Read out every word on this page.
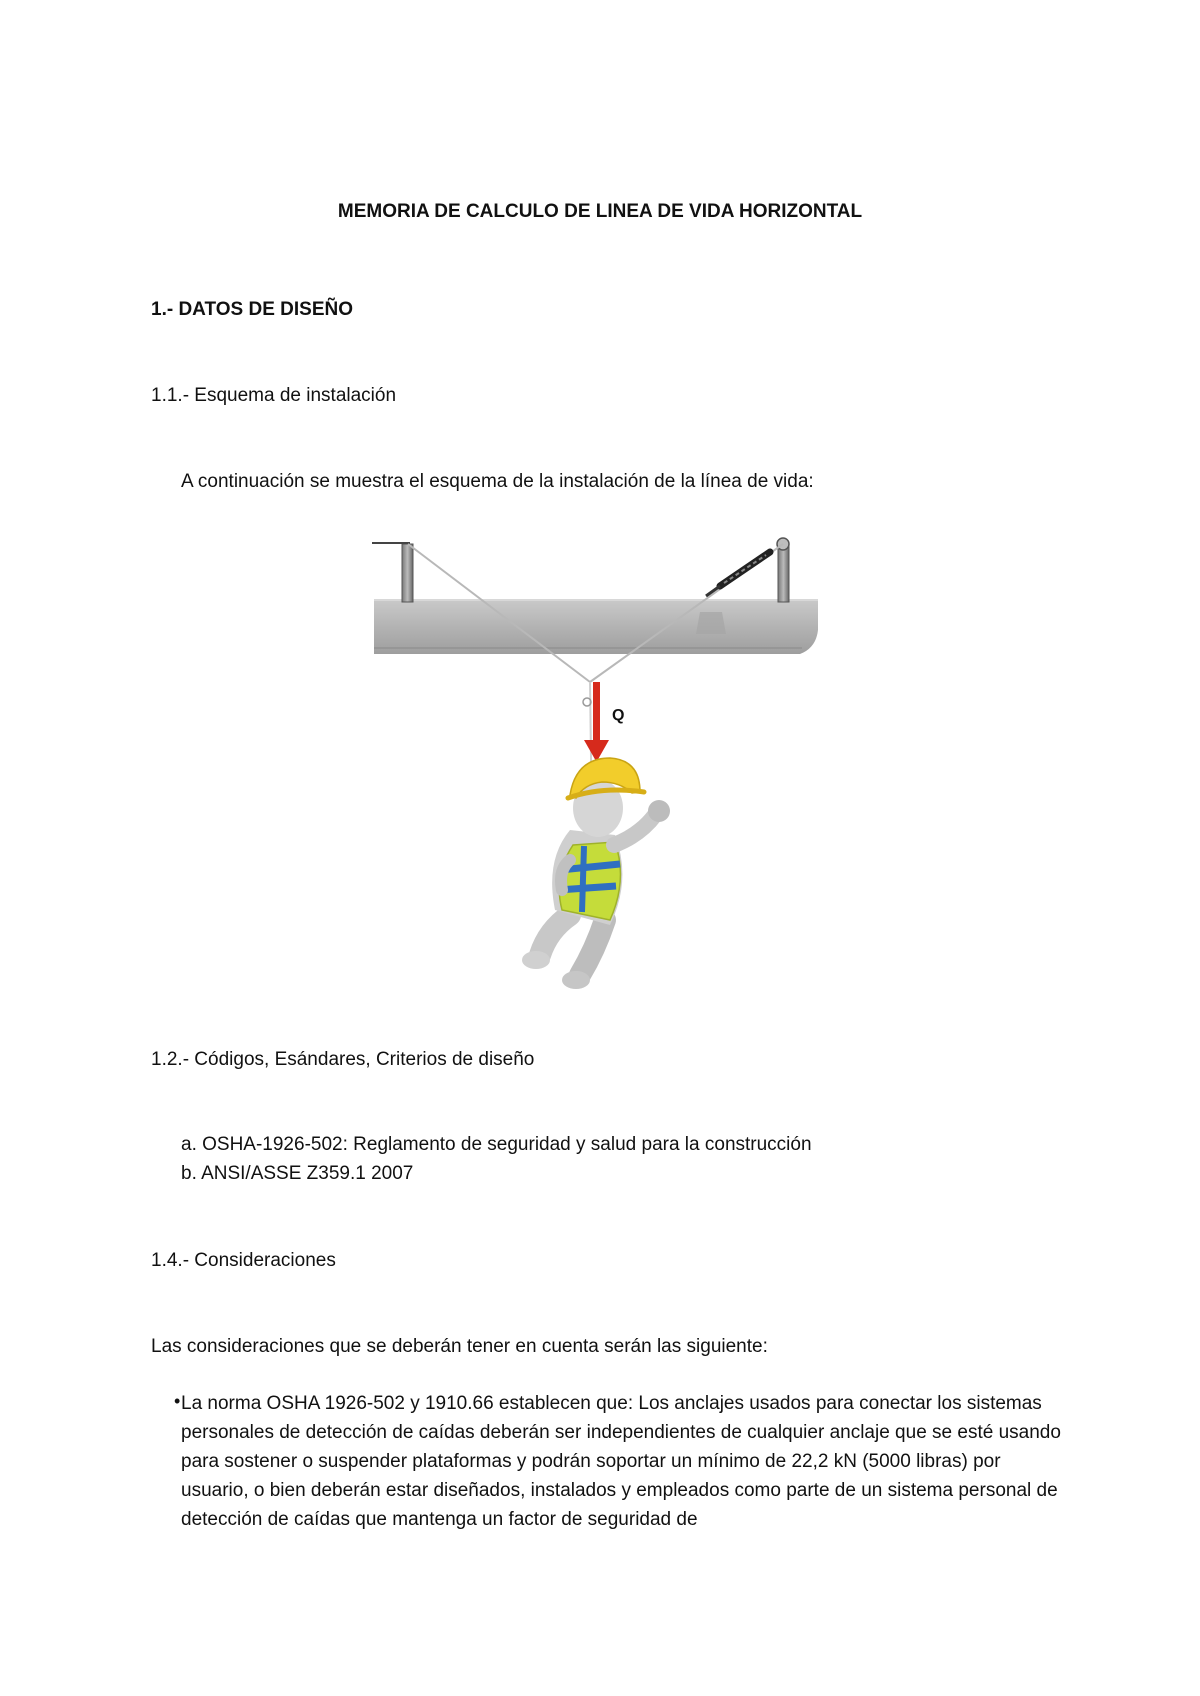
MEMORIA DE CALCULO DE LINEA DE VIDA HORIZONTAL
1.- DATOS DE DISEÑO
1.1.- Esquema de instalación
A continuación se muestra el esquema de la instalación de la línea de vida:
Q
1.2.- Códigos, Esándares, Criterios de diseño
a. OSHA-1926-502: Reglamento de seguridad y salud para la construcción
b. ANSI/ASSE Z359.1 2007
1.4.- Consideraciones
Las consideraciones que se deberán tener en cuenta serán las siguiente:
• La norma OSHA 1926-502 y 1910.66 establecen que: Los anclajes usados para conectar los sistemas personales de detección de caídas deberán ser independientes de cualquier anclaje que se esté usando para sostener o suspender plataformas y podrán soportar un mínimo de 22,2 kN (5000 libras) por usuario, o bien deberán estar diseñados, instalados y empleados como parte de un sistema personal de detección de caídas que mantenga un factor de seguridad de
